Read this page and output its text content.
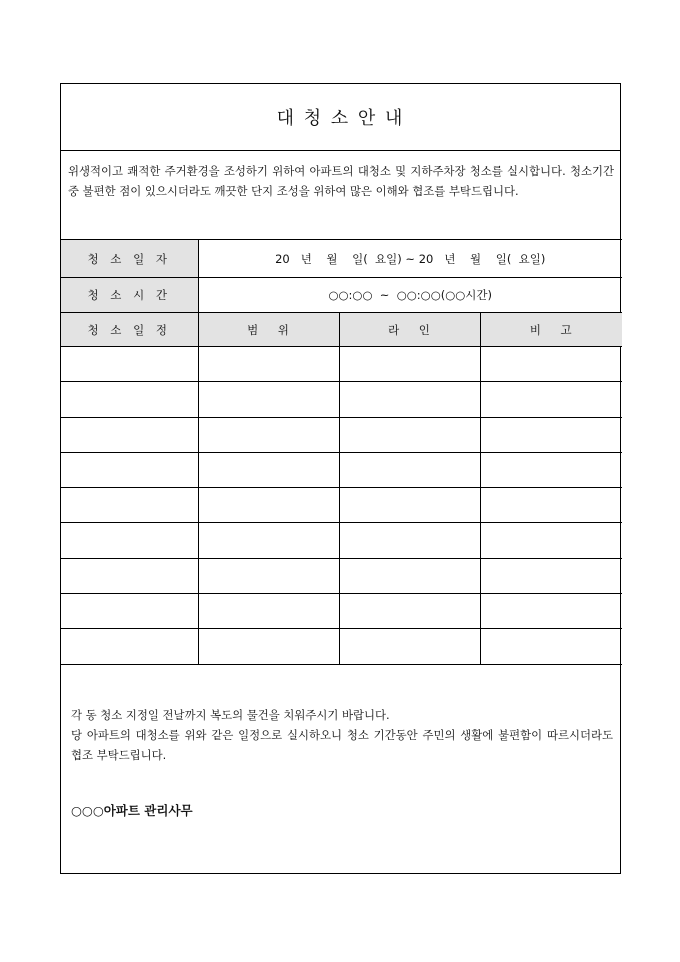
대 청 소 안 내
위생적이고 쾌적한 주거환경을 조성하기 위하여 아파트의 대청소 및 지하주차장 청소를 실시합니다. 청소기간 중 불편한 점이 있으시더라도 깨끗한 단지 조성을 위하여 많은 이해와 협조를 부탁드립니다.
청 소 일 자	20   년    월    일(  요일) ~ 20   년    월    일(  요일)		
청 소 시 간	○○:○○  ~  ○○:○○(○○시간)		
청 소 일 정	범    위	라    인	비    고

각 동 청소 지정일 전날까지 복도의 물건을 치워주시기 바랍니다.
당 아파트의 대청소를 위와 같은 일정으로 실시하오니 청소 기간동안 주민의 생활에 불편함이 따르시더라도 협조 부탁드립니다.
○○○아파트 관리사무
